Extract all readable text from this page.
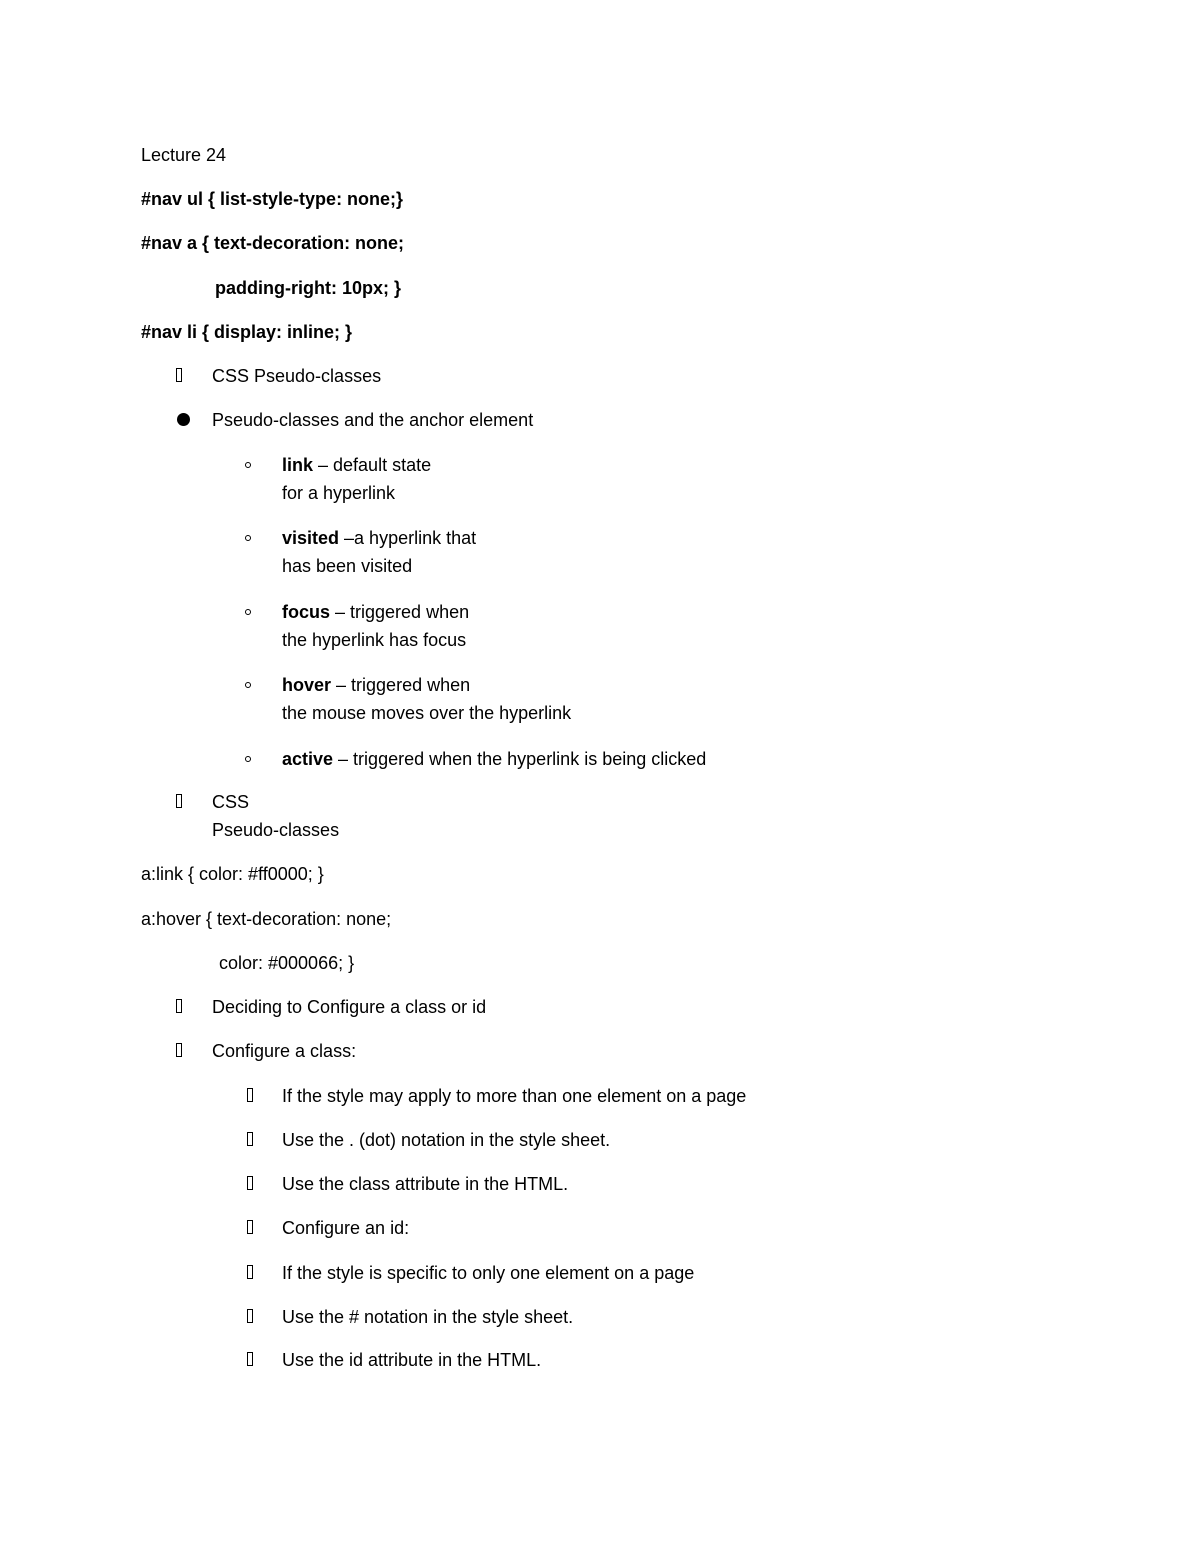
Lecture 24
#nav ul { list-style-type: none;}
#nav a { text-decoration: none;
padding-right: 10px; }
#nav li { display: inline; }
CSS Pseudo-classes
Pseudo-classes and the anchor element
link – default state
for a hyperlink
visited –a hyperlink that
has been visited
focus – triggered when
the hyperlink has focus
hover – triggered when
the mouse moves over the hyperlink
active – triggered when the hyperlink is being clicked
CSS
Pseudo-classes
a:link { color: #ff0000; }
a:hover { text-decoration: none;
color: #000066; }
Deciding to Configure a class or id
Configure a class:
If the style may apply to more than one element on a page
Use the . (dot) notation in the style sheet.
Use the class attribute in the HTML.
Configure an id:
If the style is specific to only one element on a page
Use the # notation in the style sheet.
Use the id attribute in the HTML.
